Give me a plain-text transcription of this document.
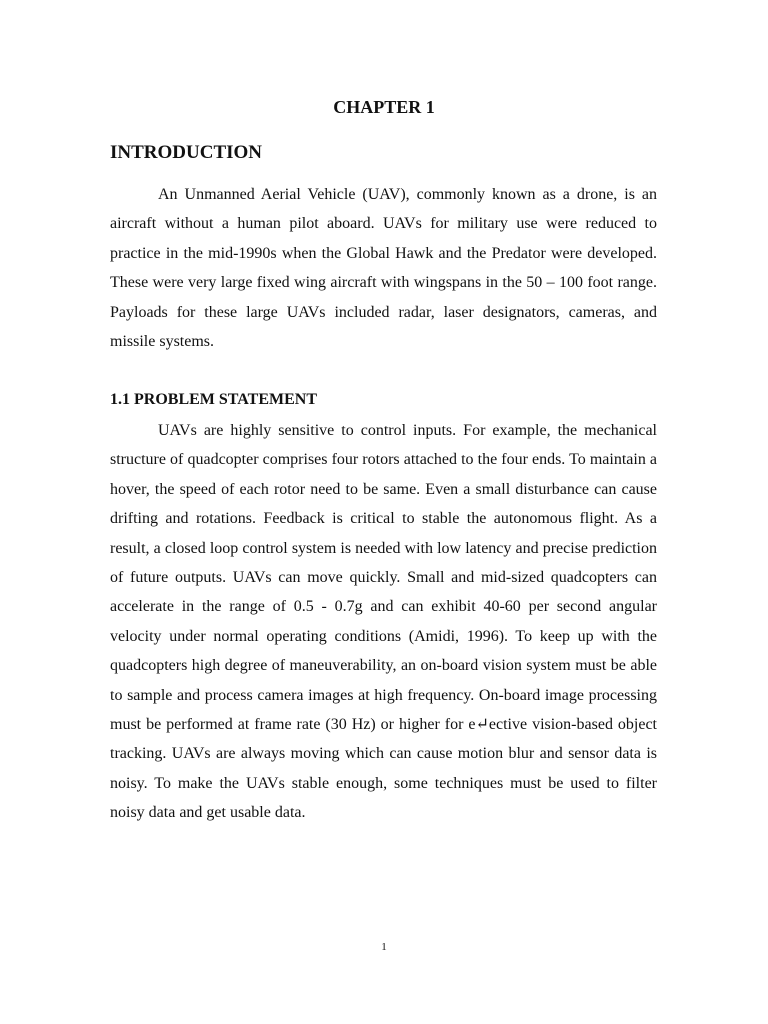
CHAPTER 1
INTRODUCTION

An Unmanned Aerial Vehicle (UAV), commonly known as a drone, is an aircraft without a human pilot aboard. UAVs for military use were reduced to practice in the mid-1990s when the Global Hawk and the Predator were developed. These were very large fixed wing aircraft with wingspans in the 50 – 100 foot range. Payloads for these large UAVs included radar, laser designators, cameras, and missile systems.

1.1 PROBLEM STATEMENT

UAVs are highly sensitive to control inputs. For example, the mechanical structure of quadcopter comprises four rotors attached to the four ends. To maintain a hover, the speed of each rotor need to be same. Even a small disturbance can cause drifting and rotations. Feedback is critical to stable the autonomous flight. As a result, a closed loop control system is needed with low latency and precise prediction of future outputs. UAVs can move quickly. Small and mid-sized quadcopters can accelerate in the range of 0.5 - 0.7g and can exhibit 40-60 per second angular velocity under normal operating conditions (Amidi, 1996). To keep up with the quadcopters high degree of maneuverability, an on-board vision system must be able to sample and process camera images at high frequency. On-board image processing must be performed at frame rate (30 Hz) or higher for e↵ective vision-based object tracking. UAVs are always moving which can cause motion blur and sensor data is noisy. To make the UAVs stable enough, some techniques must be used to filter noisy data and get usable data.

1
